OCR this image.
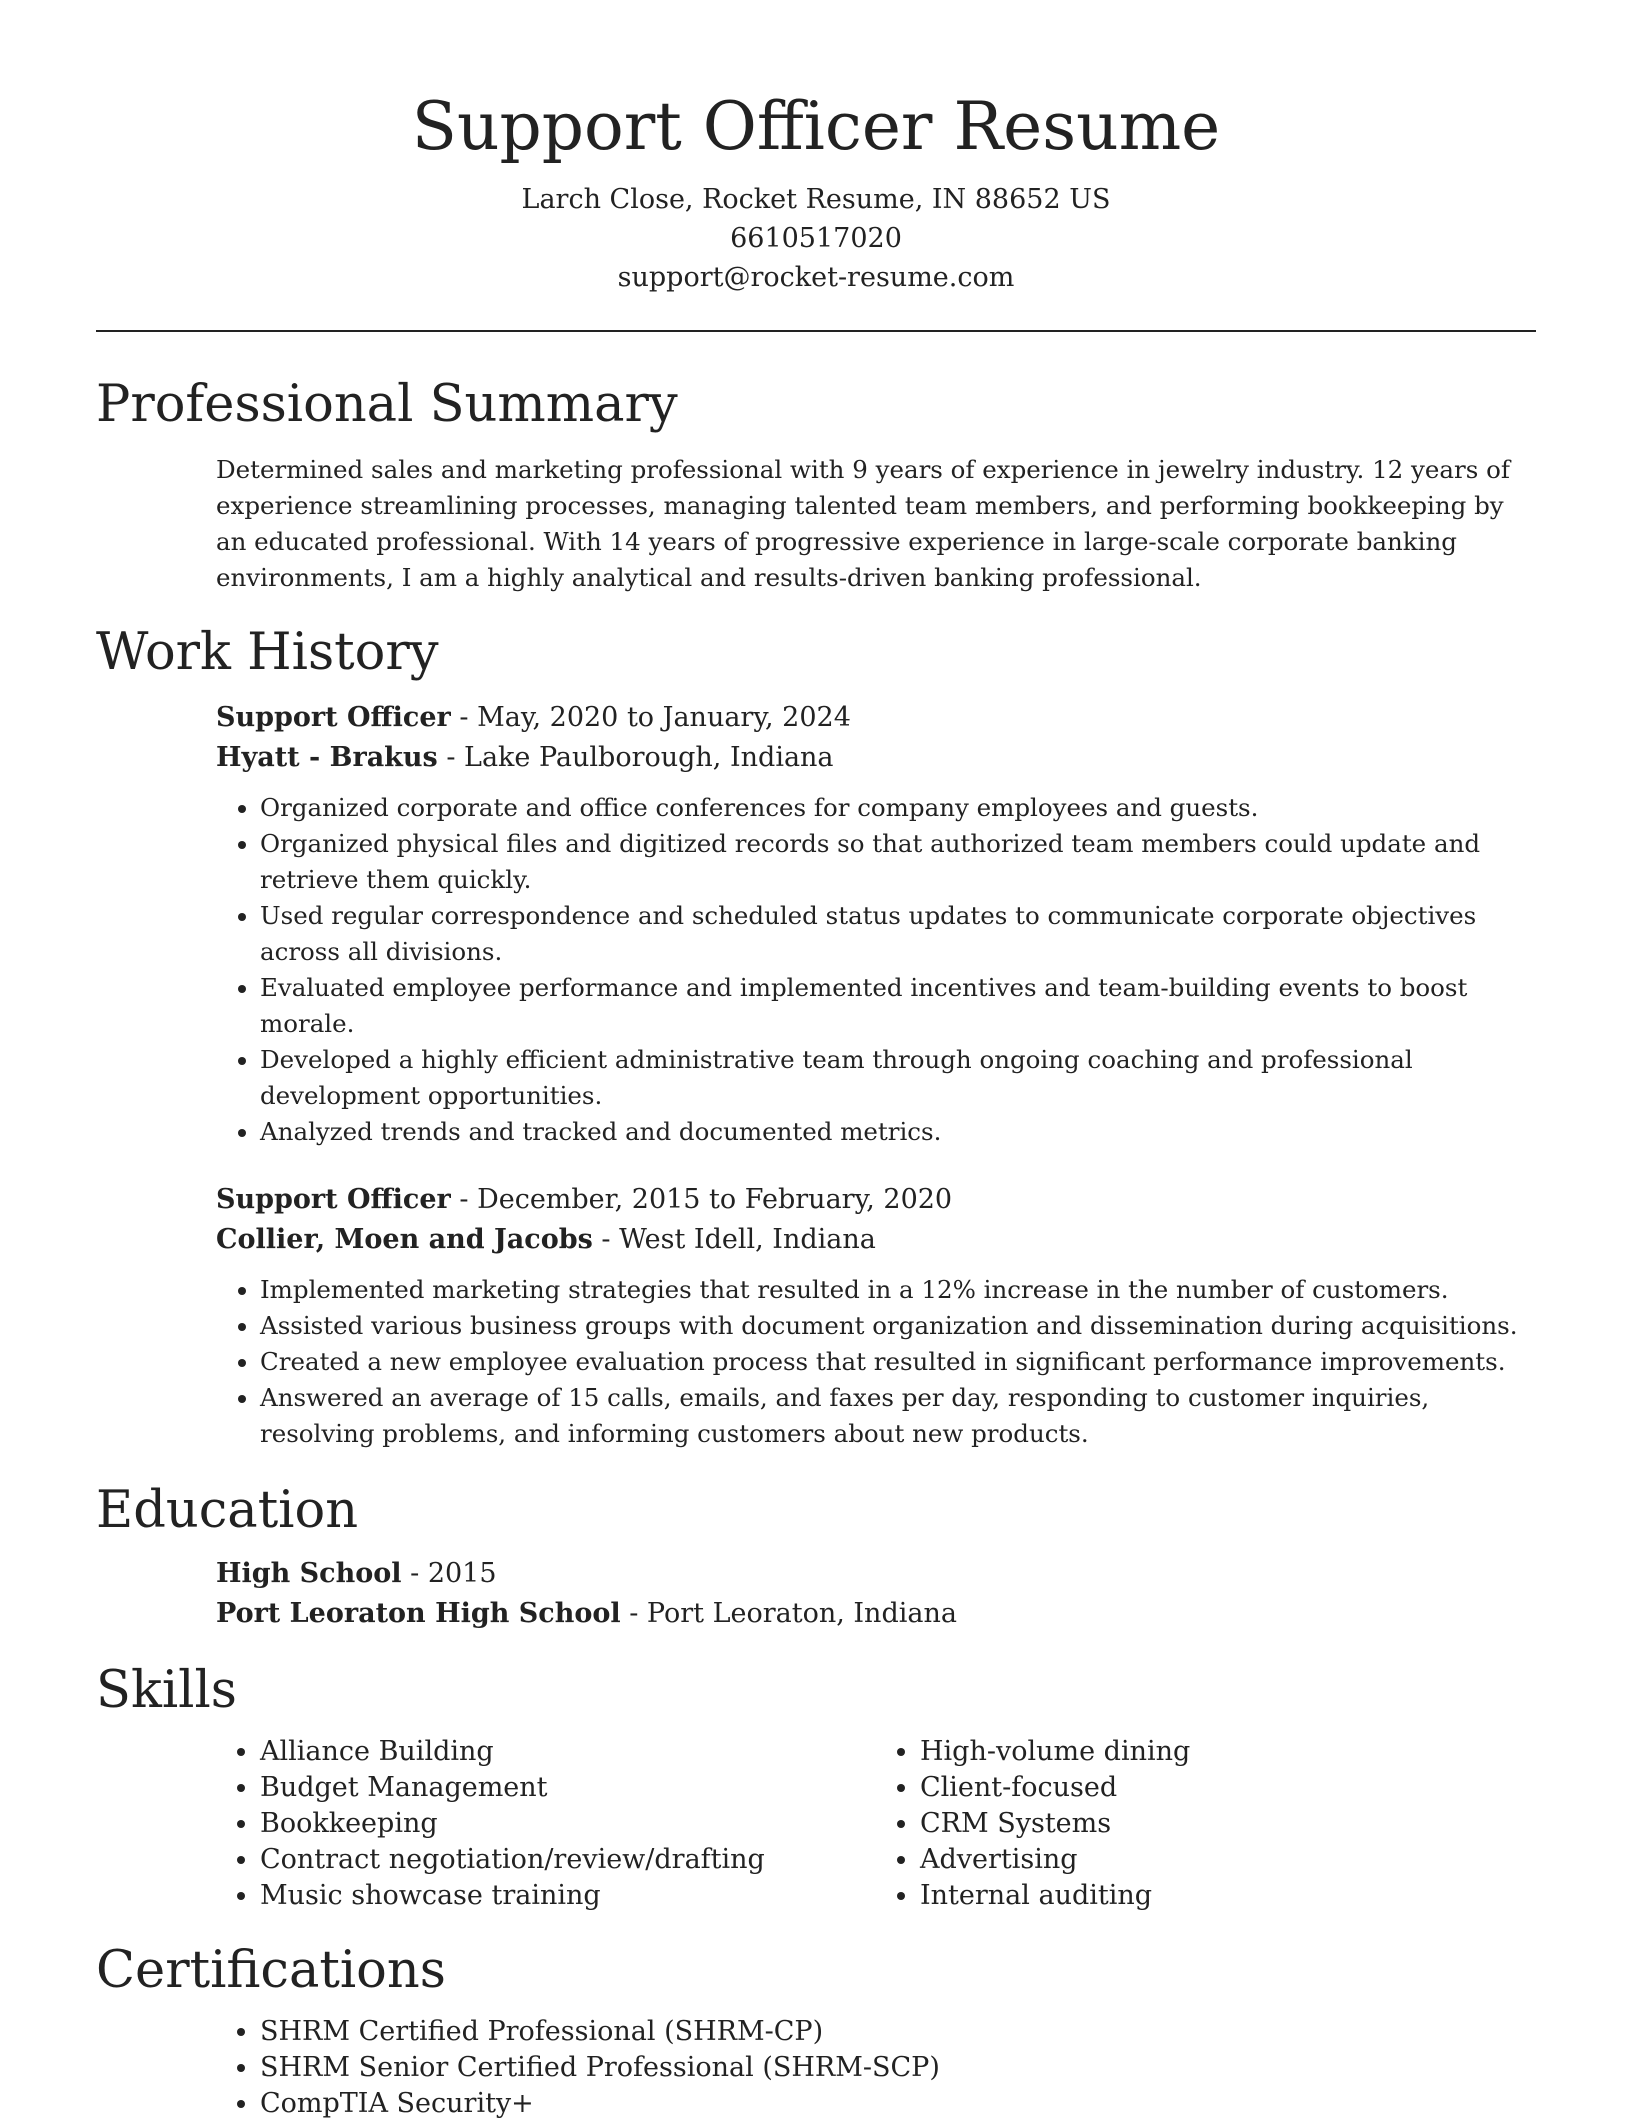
Support Officer Resume

Larch Close, Rocket Resume, IN 88652 US

6610517020

support@rocket-resume.com

Professional Summary

Determined sales and marketing professional with 9 years of experience in jewelry industry. 12 years of experience streamlining processes, managing talented team members, and performing bookkeeping by an educated professional. With 14 years of progressive experience in large-scale corporate banking environments, I am a highly analytical and results-driven banking professional.

Work History

Support Officer - May, 2020 to January, 2024

Hyatt - Brakus - Lake Paulborough, Indiana

• Organized corporate and office conferences for company employees and guests.
• Organized physical files and digitized records so that authorized team members could update and retrieve them quickly.
• Used regular correspondence and scheduled status updates to communicate corporate objectives across all divisions.
• Evaluated employee performance and implemented incentives and team-building events to boost morale.
• Developed a highly efficient administrative team through ongoing coaching and professional development opportunities.
• Analyzed trends and tracked and documented metrics.

Support Officer - December, 2015 to February, 2020

Collier, Moen and Jacobs - West Idell, Indiana

• Implemented marketing strategies that resulted in a 12% increase in the number of customers.
• Assisted various business groups with document organization and dissemination during acquisitions.
• Created a new employee evaluation process that resulted in significant performance improvements.
• Answered an average of 15 calls, emails, and faxes per day, responding to customer inquiries, resolving problems, and informing customers about new products.
Education

High School - 2015

Port Leoraton High School - Port Leoraton, Indiana

Skills
• Alliance Building
• Budget Management
• Bookkeeping
• Contract negotiation/review/drafting
• Music showcase training
• High-volume dining
• Client-focused
• CRM Systems
• Advertising
• Internal auditing
Certifications
• SHRM Certified Professional (SHRM-CP)
• SHRM Senior Certified Professional (SHRM-SCP)
• CompTIA Security+
